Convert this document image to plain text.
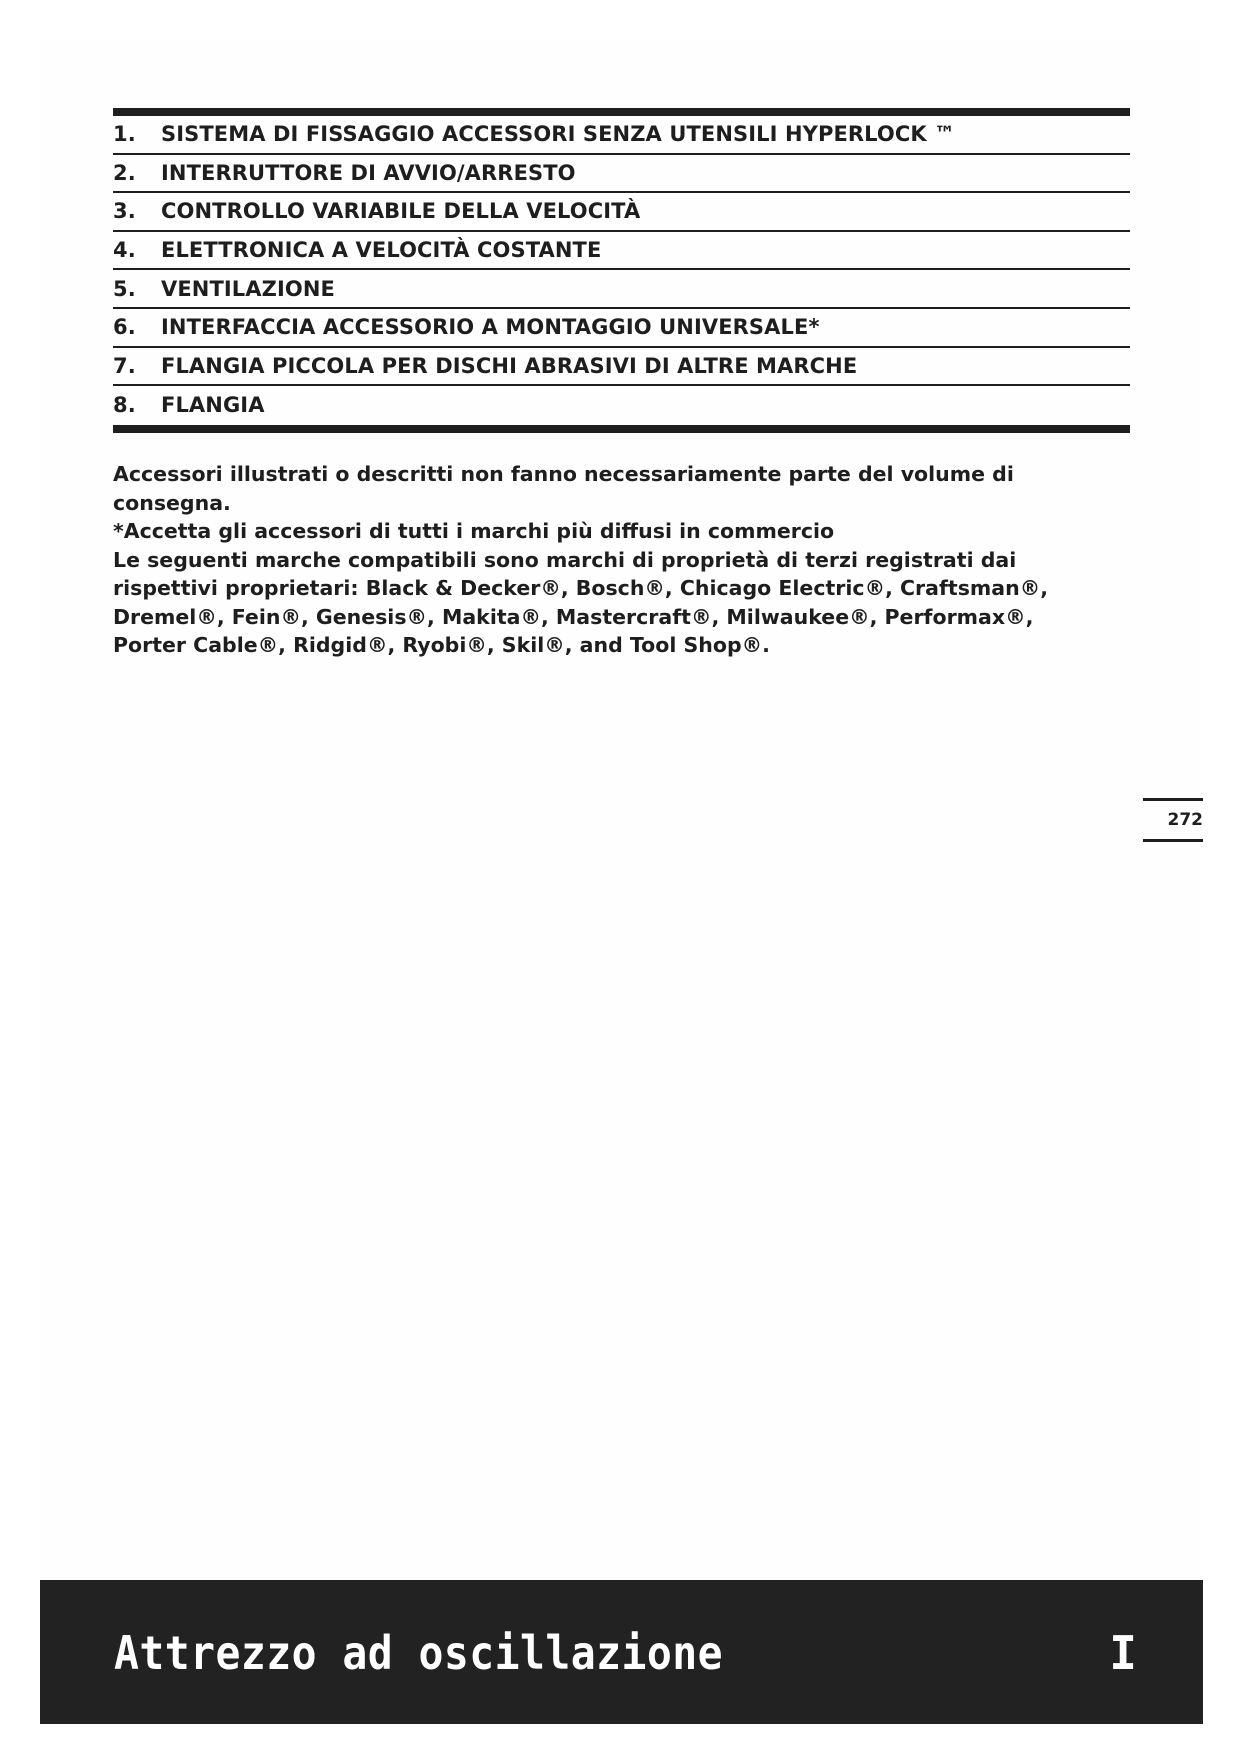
1.	SISTEMA DI FISSAGGIO ACCESSORI SENZA UTENSILI HYPERLOCK ™
2.	INTERRUTTORE DI AVVIO/ARRESTO
3.	CONTROLLO VARIABILE DELLA VELOCITÀ
4.	ELETTRONICA A VELOCITÀ COSTANTE
5.	VENTILAZIONE
6.	INTERFACCIA ACCESSORIO A MONTAGGIO UNIVERSALE*
7.	FLANGIA PICCOLA PER DISCHI ABRASIVI DI ALTRE MARCHE
8.	FLANGIA

Accessori illustrati o descritti non fanno necessariamente parte del volume di consegna.

*Accetta gli accessori di tutti i marchi più diffusi in commercio

Le seguenti marche compatibili sono marchi di proprietà di terzi registrati dai rispettivi proprietari: Black & Decker®, Bosch®, Chicago Electric®, Craftsman®, Dremel®, Fein®, Genesis®, Makita®, Mastercraft®, Milwaukee®, Performax®, Porter Cable®, Ridgid®, Ryobi®, Skil®, and Tool Shop®.

272
Attrezzo ad oscillazione	I
